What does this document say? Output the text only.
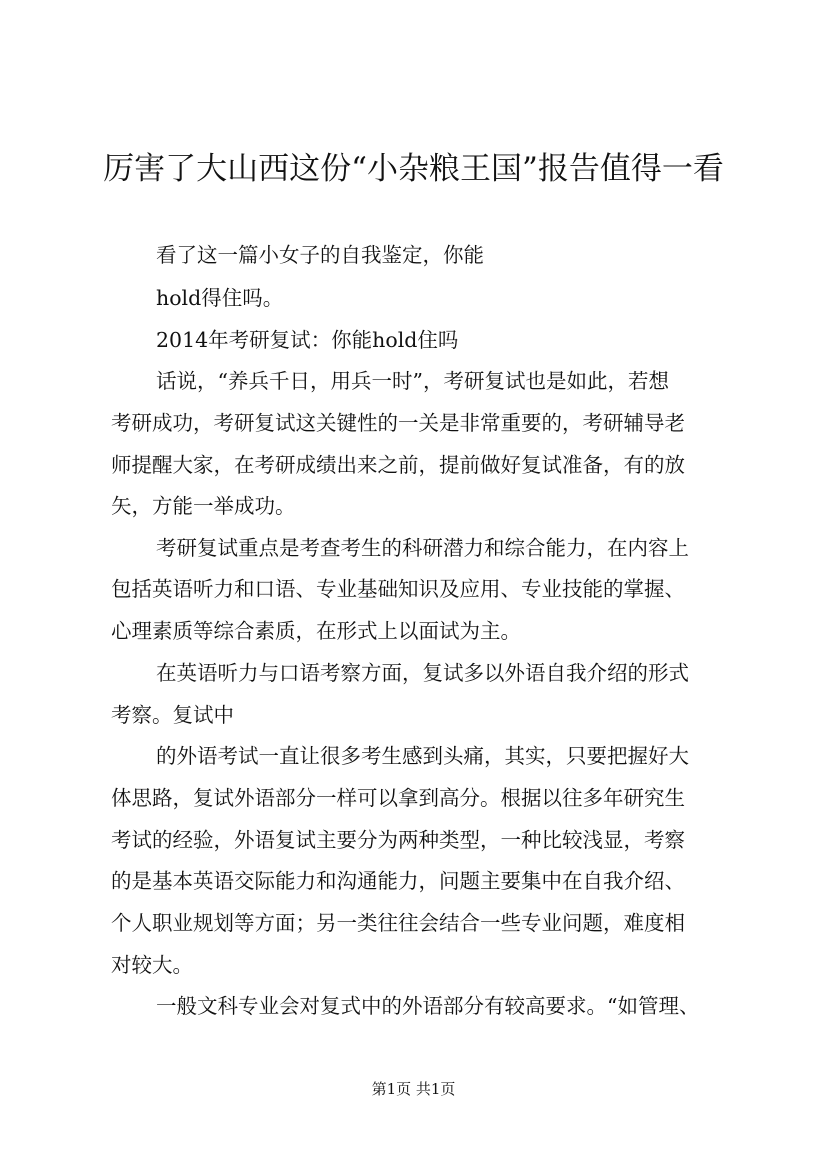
厉害了大山西这份“小杂粮王国”报告值得一看
看了这一篇小女子的自我鉴定，你能
hold得住吗。
2014年考研复试：你能hold住吗
话说，“养兵千日，用兵一时”，考研复试也是如此，若想
考研成功，考研复试这关键性的一关是非常重要的，考研辅导老
师提醒大家，在考研成绩出来之前，提前做好复试准备，有的放
矢，方能一举成功。
考研复试重点是考查考生的科研潜力和综合能力，在内容上
包括英语听力和口语、专业基础知识及应用、专业技能的掌握、
心理素质等综合素质，在形式上以面试为主。
在英语听力与口语考察方面，复试多以外语自我介绍的形式
考察。复试中
的外语考试一直让很多考生感到头痛，其实，只要把握好大
体思路，复试外语部分一样可以拿到高分。根据以往多年研究生
考试的经验，外语复试主要分为两种类型，一种比较浅显，考察
的是基本英语交际能力和沟通能力，问题主要集中在自我介绍、
个人职业规划等方面；另一类往往会结合一些专业问题，难度相
对较大。
一般文科专业会对复式中的外语部分有较高要求。“如管理、
第1页 共1页
